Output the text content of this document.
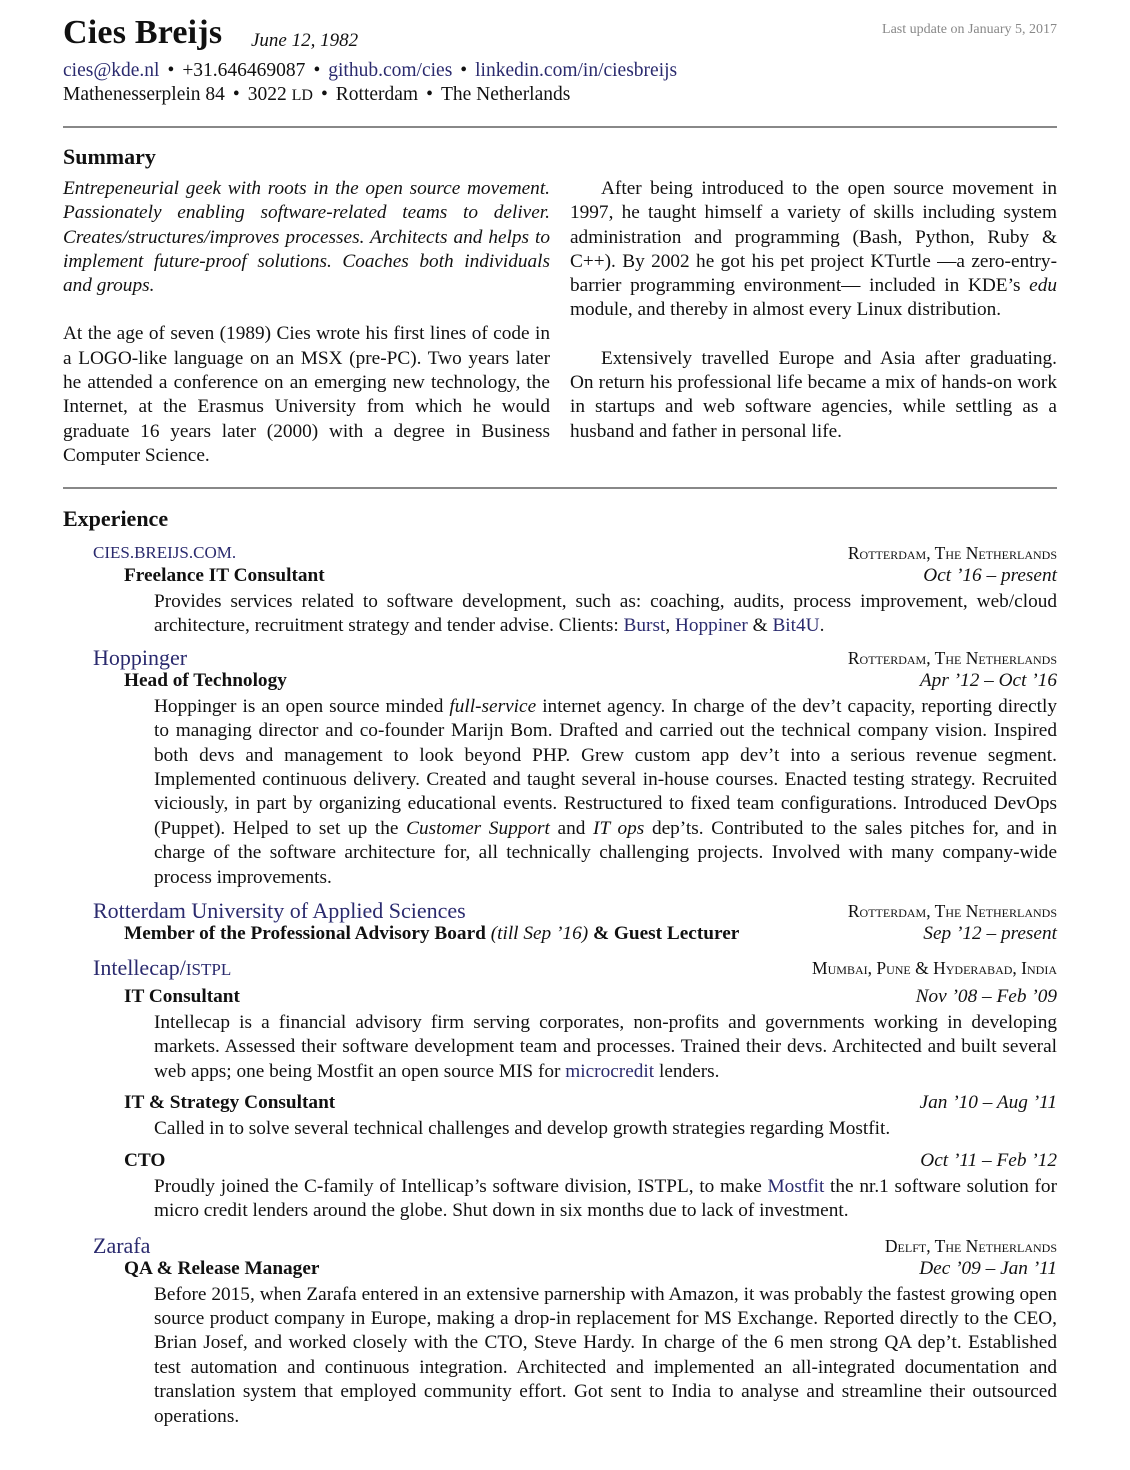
Cies Breijs June 12, 1982
Last update on January 5, 2017
cies@kde.nl • +31.646469087 • github.com/cies • linkedin.com/in/ciesbreijs
Mathenesserplein 84 • 3022 LD • Rotterdam • The Netherlands
Summary

Entrepeneurial geek with roots in the open source movement. Passionately enabling software-related teams to deliver. Creates/structures/improves processes. Architects and helps to implement future-proof solutions. Coaches both individuals and groups.

At the age of seven (1989) Cies wrote his first lines of code in a LOGO-like language on an MSX (pre-PC). Two years later he attended a conference on an emerging new technology, the Internet, at the Erasmus University from which he would graduate 16 years later (2000) with a degree in Business Computer Science.

After being introduced to the open source movement in 1997, he taught himself a variety of skills including system administration and programming (Bash, Python, Ruby & C++). By 2002 he got his pet project KTurtle —a zero-entry-barrier programming environment— included in KDE’s edu module, and thereby in almost every Linux distribution.

Extensively travelled Europe and Asia after graduating. On return his professional life became a mix of hands-on work in startups and web software agencies, while settling as a husband and father in personal life.

Experience
CIES.BREIJS.COM.	Rotterdam, The Netherlands
Freelance IT Consultant	Oct ’16 – present
Provides services related to software development, such as: coaching, audits, process improvement, web/cloud architecture, recruitment strategy and tender advise. Clients: Burst, Hoppiner & Bit4U.
Hoppinger	Rotterdam, The Netherlands
Head of Technology	Apr ’12 – Oct ’16
Hoppinger is an open source minded full-service internet agency. In charge of the dev’t capacity, reporting directly to managing director and co-founder Marijn Bom. Drafted and carried out the technical company vision. Inspired both devs and management to look beyond PHP. Grew custom app dev’t into a serious revenue segment. Implemented continuous delivery. Created and taught several in-house courses. Enacted testing strategy. Recruited viciously, in part by organizing educational events. Restructured to fixed team configurations. Introduced DevOps (Puppet). Helped to set up the Customer Support and IT ops dep’ts. Contributed to the sales pitches for, and in charge of the software architecture for, all technically challenging projects. Involved with many company-wide process improvements.
Rotterdam University of Applied Sciences	Rotterdam, The Netherlands
Member of the Professional Advisory Board (till Sep ’16) & Guest Lecturer	Sep ’12 – present
Intellecap/ISTPL	Mumbai, Pune & Hyderabad, India
IT Consultant	Nov ’08 – Feb ’09
Intellecap is a financial advisory firm serving corporates, non-profits and governments working in developing markets. Assessed their software development team and processes. Trained their devs. Architected and built several web apps; one being Mostfit an open source MIS for microcredit lenders.
IT & Strategy Consultant	Jan ’10 – Aug ’11
Called in to solve several technical challenges and develop growth strategies regarding Mostfit.
CTO	Oct ’11 – Feb ’12
Proudly joined the C-family of Intellicap’s software division, ISTPL, to make Mostfit the nr.1 software solution for micro credit lenders around the globe. Shut down in six months due to lack of investment.
Zarafa	Delft, The Netherlands
QA & Release Manager	Dec ’09 – Jan ’11
Before 2015, when Zarafa entered in an extensive parnership with Amazon, it was probably the fastest growing open source product company in Europe, making a drop-in replacement for MS Exchange. Reported directly to the CEO, Brian Josef, and worked closely with the CTO, Steve Hardy. In charge of the 6 men strong QA dep’t. Established test automation and continuous integration. Architected and implemented an all-integrated documentation and translation system that employed community effort. Got sent to India to analyse and streamline their outsourced operations.
